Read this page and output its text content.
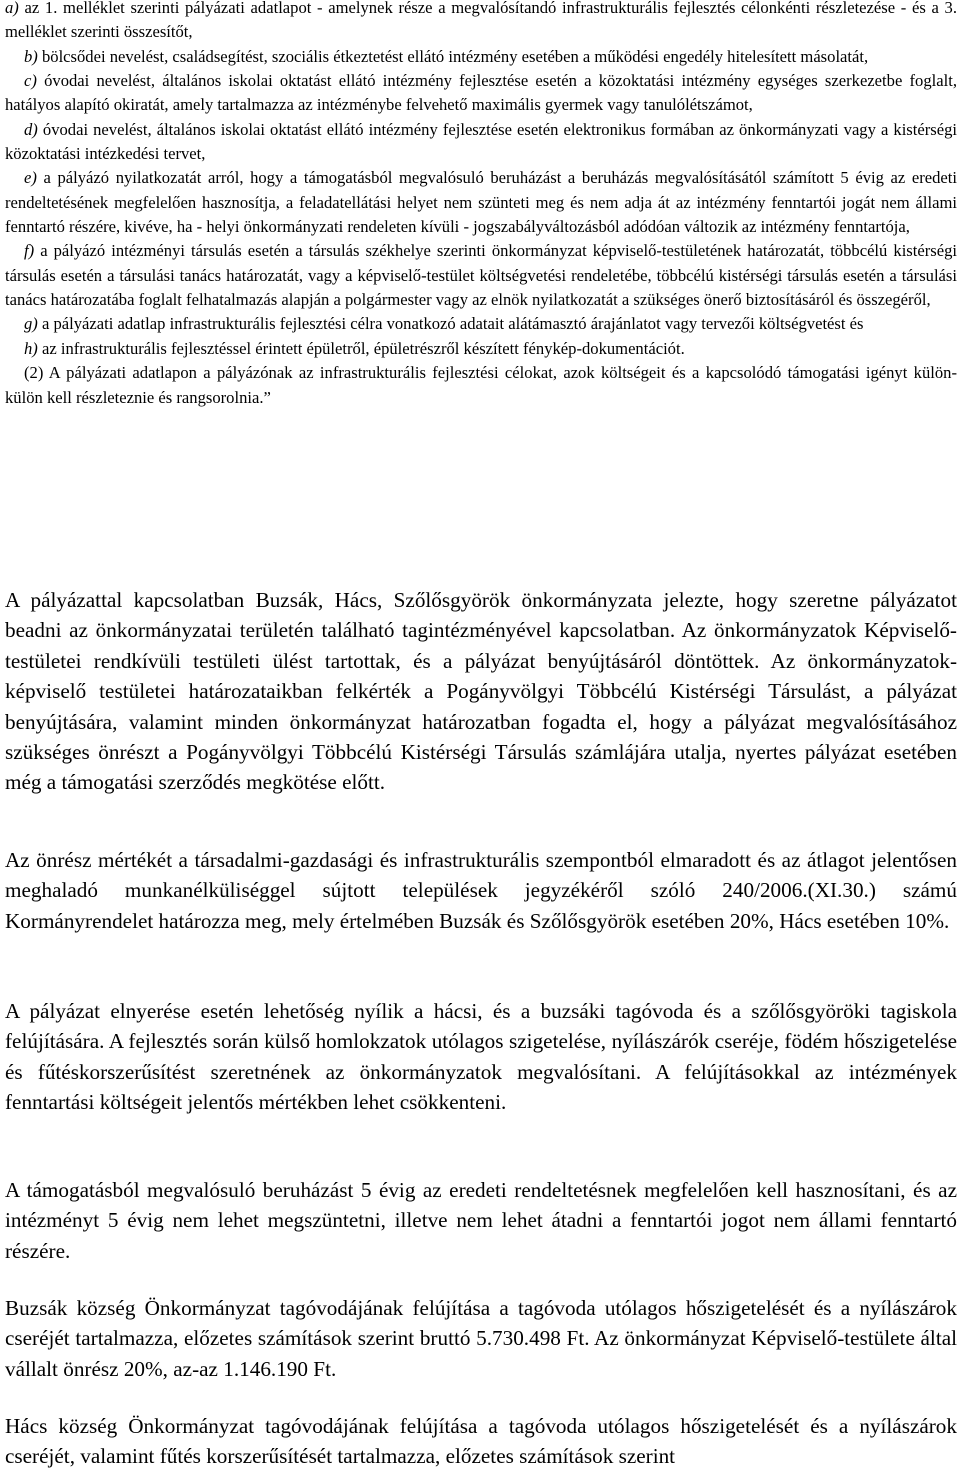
a) az 1. melléklet szerinti pályázati adatlapot - amelynek része a megvalósítandó infrastrukturális fejlesztés célonkénti részletezése - és a 3. melléklet szerinti összesítőt,

b) bölcsődei nevelést, családsegítést, szociális étkeztetést ellátó intézmény esetében a működési engedély hitelesített másolatát,

c) óvodai nevelést, általános iskolai oktatást ellátó intézmény fejlesztése esetén a közoktatási intézmény egységes szerkezetbe foglalt, hatályos alapító okiratát, amely tartalmazza az intézménybe felvehető maximális gyermek vagy tanulólétszámot,

d) óvodai nevelést, általános iskolai oktatást ellátó intézmény fejlesztése esetén elektronikus formában az önkormányzati vagy a kistérségi közoktatási intézkedési tervet,

e) a pályázó nyilatkozatát arról, hogy a támogatásból megvalósuló beruházást a beruházás megvalósításától számított 5 évig az eredeti rendeltetésének megfelelően hasznosítja, a feladatellátási helyet nem szünteti meg és nem adja át az intézmény fenntartói jogát nem állami fenntartó részére, kivéve, ha - helyi önkormányzati rendeleten kívüli - jogszabályváltozásból adódóan változik az intézmény fenntartója,

f) a pályázó intézményi társulás esetén a társulás székhelye szerinti önkormányzat képviselő-testületének határozatát, többcélú kistérségi társulás esetén a társulási tanács határozatát, vagy a képviselő-testület költségvetési rendeletébe, többcélú kistérségi társulás esetén a társulási tanács határozatába foglalt felhatalmazás alapján a polgármester vagy az elnök nyilatkozatát a szükséges önerő biztosításáról és összegéről,

g) a pályázati adatlap infrastrukturális fejlesztési célra vonatkozó adatait alátámasztó árajánlatot vagy tervezői költségvetést és

h) az infrastrukturális fejlesztéssel érintett épületről, épületrészről készített fénykép-dokumentációt.

(2) A pályázati adatlapon a pályázónak az infrastrukturális fejlesztési célokat, azok költségeit és a kapcsolódó támogatási igényt külön-külön kell részleteznie és rangsorolnia.”

A pályázattal kapcsolatban Buzsák, Hács, Szőlősgyörök önkormányzata jelezte, hogy szeretne pályázatot beadni az önkormányzatai területén található tagintézményével kapcsolatban. Az önkormányzatok Képviselő-testületei rendkívüli testületi ülést tartottak, és a pályázat benyújtásáról döntöttek. Az önkormányzatok-képviselő testületei határozataikban felkérték a Pogányvölgyi Többcélú Kistérségi Társulást, a pályázat benyújtására, valamint minden önkormányzat határozatban fogadta el, hogy a pályázat megvalósításához szükséges önrészt a Pogányvölgyi Többcélú Kistérségi Társulás számlájára utalja, nyertes pályázat esetében még a támogatási szerződés megkötése előtt.

Az önrész mértékét a társadalmi-gazdasági és infrastrukturális szempontból elmaradott és az átlagot jelentősen meghaladó munkanélküliséggel sújtott települések jegyzékéről szóló 240/2006.(XI.30.) számú Kormányrendelet határozza meg, mely értelmében Buzsák és Szőlősgyörök esetében 20%, Hács esetében 10%.

A pályázat elnyerése esetén lehetőség nyílik a hácsi, és a buzsáki tagóvoda és a szőlősgyöröki tagiskola felújítására. A fejlesztés során külső homlokzatok utólagos szigetelése, nyílászárók cseréje, födém hőszigetelése és fűtéskorszerűsítést szeretnének az önkormányzatok megvalósítani. A felújításokkal az intézmények fenntartási költségeit jelentős mértékben lehet csökkenteni.

A támogatásból megvalósuló beruházást 5 évig az eredeti rendeltetésnek megfelelően kell hasznosítani, és az intézményt 5 évig nem lehet megszüntetni, illetve nem lehet átadni a fenntartói jogot nem állami fenntartó részére.

Buzsák község Önkormányzat tagóvodájának felújítása a tagóvoda utólagos hőszigetelését és a nyílászárok cseréjét tartalmazza, előzetes számítások szerint bruttó 5.730.498 Ft. Az önkormányzat Képviselő-testülete által vállalt önrész 20%, az-az 1.146.190 Ft.

Hács község Önkormányzat tagóvodájának felújítása a tagóvoda utólagos hőszigetelését és a nyílászárok cseréjét, valamint fűtés korszerűsítését tartalmazza, előzetes számítások szerint
